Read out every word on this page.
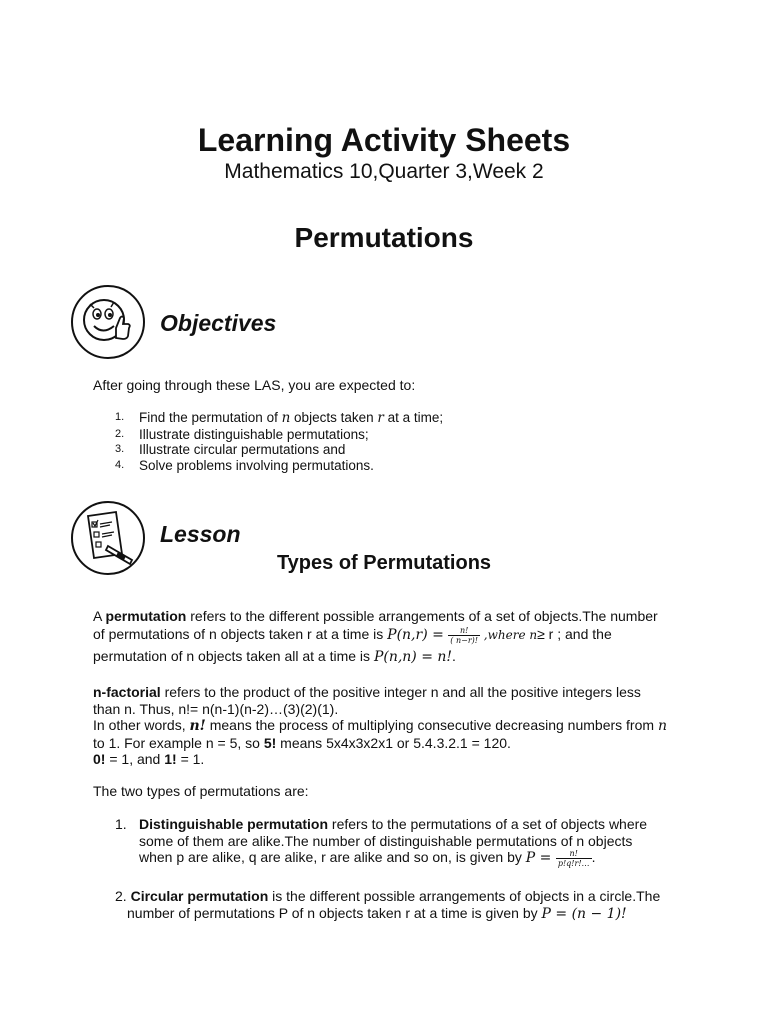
Learning Activity Sheets
Mathematics 10,Quarter 3,Week 2
Permutations
Objectives
After going through these LAS, you are expected to:
1. Find the permutation of n objects taken r at a time;
2. Illustrate distinguishable permutations;
3. Illustrate circular permutations and
4. Solve problems involving permutations.
Lesson
Types of Permutations
A permutation refers to the different possible arrangements of a set of objects.The number
of permutations of n objects taken r at a time is $P(n,r) = \frac{n!}{( n-r)!}$ ,where n≥ r ; and the
permutation of n objects taken all at a time is P(n,n) = n!.
n-factorial refers to the product of the positive integer n and all the positive integers less
than n. Thus, n!= n(n-1)(n-2)…(3)(2)(1).
In other words, n! means the process of multiplying consecutive decreasing numbers from n
to 1. For example n = 5, so 5! means 5x4x3x2x1 or 5.4.3.2.1 = 120.
0! = 1, and 1! = 1.
The two types of permutations are:
1. Distinguishable permutation refers to the permutations of a set of objects where
some of them are alike.The number of distinguishable permutations of n objects
when p are alike, q are alike, r are alike and so on, is given by $P = \frac{n!}{p!q!r!\dots}$ .
2. Circular permutation is the different possible arrangements of objects in a circle.The
number of permutations P of n objects taken r at a time is given by P = (n − 1)!
